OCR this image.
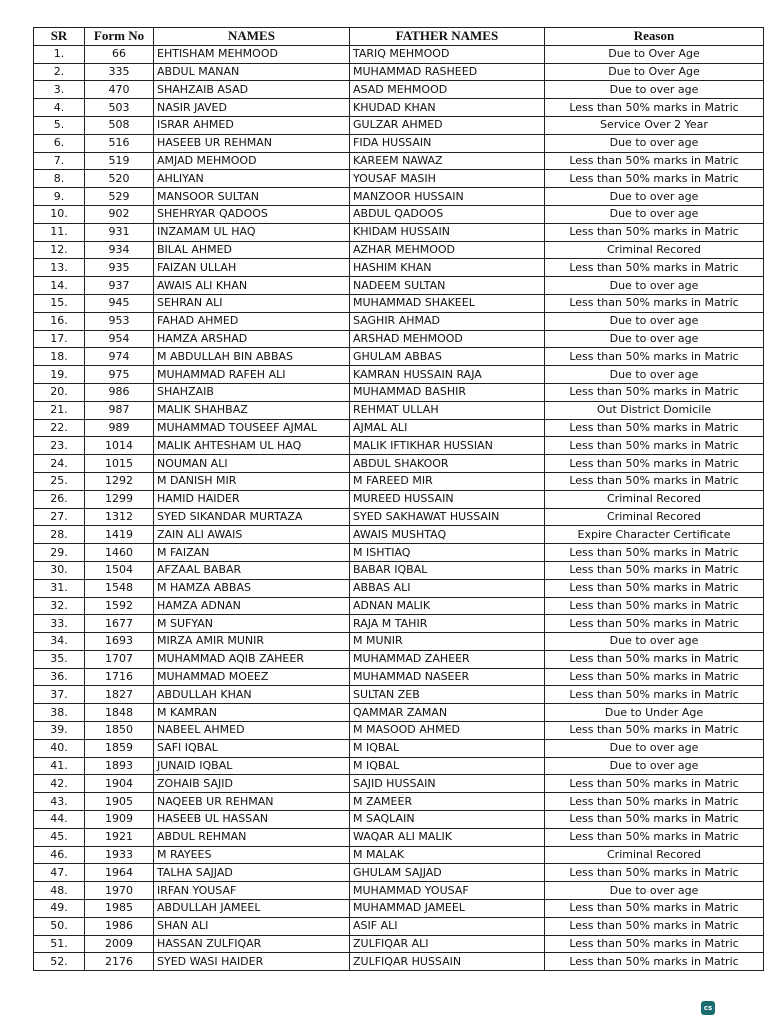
SR	Form No	NAMES	FATHER NAMES	Reason
1.	66	EHTISHAM MEHMOOD	TARIQ MEHMOOD	Due to Over Age
2.	335	ABDUL MANAN	MUHAMMAD RASHEED	Due to Over Age
3.	470	SHAHZAIB ASAD	ASAD MEHMOOD	Due to over age
4.	503	NASIR JAVED	KHUDAD KHAN	Less than 50% marks in Matric
5.	508	ISRAR AHMED	GULZAR AHMED	Service Over 2 Year
6.	516	HASEEB UR REHMAN	FIDA HUSSAIN	Due to over age
7.	519	AMJAD MEHMOOD	KAREEM NAWAZ	Less than 50% marks in Matric
8.	520	AHLIYAN	YOUSAF MASIH	Less than 50% marks in Matric
9.	529	MANSOOR SULTAN	MANZOOR HUSSAIN	Due to over age
10.	902	SHEHRYAR QADOOS	ABDUL QADOOS	Due to over age
11.	931	INZAMAM UL HAQ	KHIDAM HUSSAIN	Less than 50% marks in Matric
12.	934	BILAL AHMED	AZHAR MEHMOOD	Criminal Recored
13.	935	FAIZAN ULLAH	HASHIM KHAN	Less than 50% marks in Matric
14.	937	AWAIS ALI KHAN	NADEEM SULTAN	Due to over age
15.	945	SEHRAN ALI	MUHAMMAD SHAKEEL	Less than 50% marks in Matric
16.	953	FAHAD AHMED	SAGHIR AHMAD	Due to over age
17.	954	HAMZA ARSHAD	ARSHAD MEHMOOD	Due to over age
18.	974	M ABDULLAH BIN ABBAS	GHULAM ABBAS	Less than 50% marks in Matric
19.	975	MUHAMMAD RAFEH ALI	KAMRAN HUSSAIN RAJA	Due to over age
20.	986	SHAHZAIB	MUHAMMAD BASHIR	Less than 50% marks in Matric
21.	987	MALIK SHAHBAZ	REHMAT ULLAH	Out District Domicile
22.	989	MUHAMMAD TOUSEEF AJMAL	AJMAL ALI	Less than 50% marks in Matric
23.	1014	MALIK AHTESHAM UL HAQ	MALIK IFTIKHAR HUSSIAN	Less than 50% marks in Matric
24.	1015	NOUMAN ALI	ABDUL SHAKOOR	Less than 50% marks in Matric
25.	1292	M DANISH MIR	M FAREED MIR	Less than 50% marks in Matric
26.	1299	HAMID HAIDER	MUREED HUSSAIN	Criminal Recored
27.	1312	SYED SIKANDAR MURTAZA	SYED SAKHAWAT HUSSAIN	Criminal Recored
28.	1419	ZAIN ALI AWAIS	AWAIS MUSHTAQ	Expire Character Certificate
29.	1460	M FAIZAN	M ISHTIAQ	Less than 50% marks in Matric
30.	1504	AFZAAL BABAR	BABAR IQBAL	Less than 50% marks in Matric
31.	1548	M HAMZA ABBAS	ABBAS ALI	Less than 50% marks in Matric
32.	1592	HAMZA ADNAN	ADNAN MALIK	Less than 50% marks in Matric
33.	1677	M SUFYAN	RAJA M TAHIR	Less than 50% marks in Matric
34.	1693	MIRZA AMIR MUNIR	M MUNIR	Due to over age
35.	1707	MUHAMMAD AQIB ZAHEER	MUHAMMAD ZAHEER	Less than 50% marks in Matric
36.	1716	MUHAMMAD MOEEZ	MUHAMMAD NASEER	Less than 50% marks in Matric
37.	1827	ABDULLAH KHAN	SULTAN ZEB	Less than 50% marks in Matric
38.	1848	M KAMRAN	QAMMAR ZAMAN	Due to Under Age
39.	1850	NABEEL AHMED	M MASOOD AHMED	Less than 50% marks in Matric
40.	1859	SAFI IQBAL	M IQBAL	Due to over age
41.	1893	JUNAID IQBAL	M IQBAL	Due to over age
42.	1904	ZOHAIB SAJID	SAJID HUSSAIN	Less than 50% marks in Matric
43.	1905	NAQEEB UR REHMAN	M ZAMEER	Less than 50% marks in Matric
44.	1909	HASEEB UL HASSAN	M SAQLAIN	Less than 50% marks in Matric
45.	1921	ABDUL REHMAN	WAQAR ALI MALIK	Less than 50% marks in Matric
46.	1933	M RAYEES	M MALAK	Criminal Recored
47.	1964	TALHA SAJJAD	GHULAM SAJJAD	Less than 50% marks in Matric
48.	1970	IRFAN YOUSAF	MUHAMMAD YOUSAF	Due to over age
49.	1985	ABDULLAH JAMEEL	MUHAMMAD JAMEEL	Less than 50% marks in Matric
50.	1986	SHAN ALI	ASIF ALI	Less than 50% marks in Matric
51.	2009	HASSAN ZULFIQAR	ZULFIQAR ALI	Less than 50% marks in Matric
52.	2176	SYED WASI HAIDER	ZULFIQAR HUSSAIN	Less than 50% marks in Matric
cs
